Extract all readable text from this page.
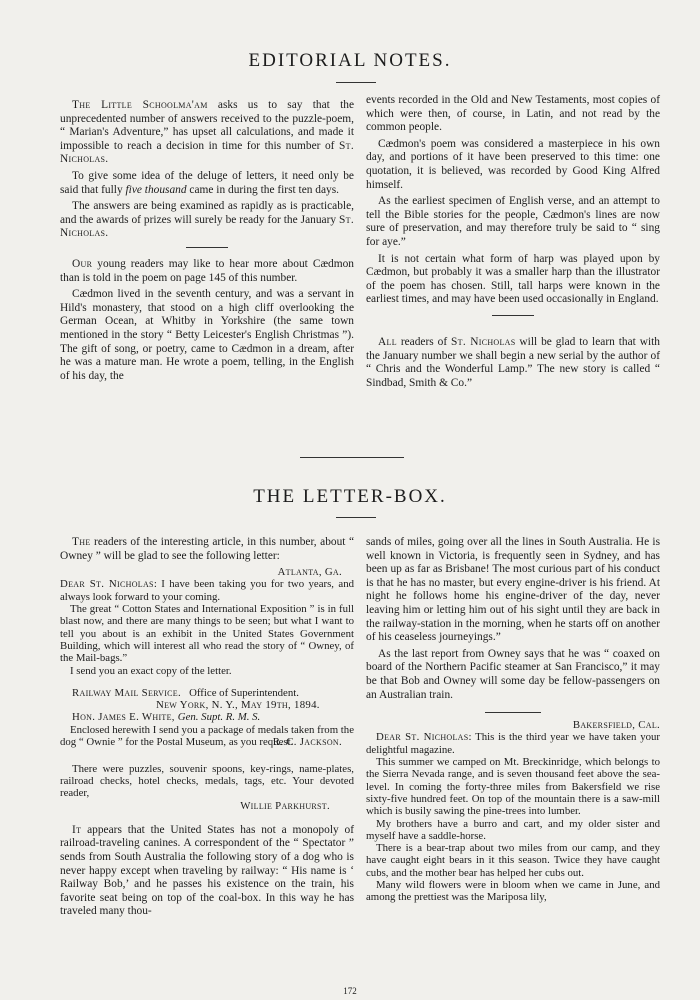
EDITORIAL NOTES.

The Little Schoolma'am asks us to say that the unprecedented number of answers received to the puzzle-poem, “ Marian's Adventure,” has upset all calculations, and made it impossible to reach a decision in time for this number of St. Nicholas.

To give some idea of the deluge of letters, it need only be said that fully five thousand came in during the first ten days.

The answers are being examined as rapidly as is practicable, and the awards of prizes will surely be ready for the January St. Nicholas.

Our young readers may like to hear more about Cædmon than is told in the poem on page 145 of this number.

Cædmon lived in the seventh century, and was a servant in Hild's monastery, that stood on a high cliff overlooking the German Ocean, at Whitby in Yorkshire (the same town mentioned in the story “ Betty Leicester's English Christmas ”). The gift of song, or poetry, came to Cædmon in a dream, after he was a mature man. He wrote a poem, telling, in the English of his day, the

events recorded in the Old and New Testaments, most copies of which were then, of course, in Latin, and not read by the common people.

Cædmon's poem was considered a masterpiece in his own day, and portions of it have been preserved to this time: one quotation, it is believed, was recorded by Good King Alfred himself.

As the earliest specimen of English verse, and an attempt to tell the Bible stories for the people, Cædmon's lines are now sure of preservation, and may therefore truly be said to “ sing for aye.”

It is not certain what form of harp was played upon by Cædmon, but probably it was a smaller harp than the illustrator of the poem has chosen. Still, tall harps were known in the earliest times, and may have been used occasionally in England.

All readers of St. Nicholas will be glad to learn that with the January number we shall begin a new serial by the author of “ Chris and the Wonderful Lamp.” The new story is called “ Sindbad, Smith & Co.”

THE LETTER-BOX.

The readers of the interesting article, in this number, about “ Owney ” will be glad to see the following letter:

Atlanta, Ga.

Dear St. Nicholas: I have been taking you for two years, and always look forward to your coming.

The great “ Cotton States and International Exposition ” is in full blast now, and there are many things to be seen; but what I want to tell you about is an exhibit in the United States Government Building, which will interest all who read the story of “ Owney, of the Mail-bags.”

I send you an exact copy of the letter.

Railway Mail Service. Office of Superintendent.

New York, N. Y., May 19th, 1894.

Hon. James E. White, Gen. Supt. R. M. S.

Enclosed herewith I send you a package of medals taken from the dog “ Ownie ” for the Postal Museum, as you request.

R. C. Jackson.

There were puzzles, souvenir spoons, key-rings, name-plates, railroad checks, hotel checks, medals, tags, etc. Your devoted reader,

Willie Parkhurst.

It appears that the United States has not a monopoly of railroad-traveling canines. A correspondent of the “ Spectator ” sends from South Australia the following story of a dog who is never happy except when traveling by railway: “ His name is ‘ Railway Bob,’ and he passes his existence on the train, his favorite seat being on top of the coal-box. In this way he has traveled many thou-

sands of miles, going over all the lines in South Australia. He is well known in Victoria, is frequently seen in Sydney, and has been up as far as Brisbane! The most curious part of his conduct is that he has no master, but every engine-driver is his friend. At night he follows home his engine-driver of the day, never leaving him or letting him out of his sight until they are back in the railway-station in the morning, when he starts off on another of his ceaseless journeyings.”

As the last report from Owney says that he was “ coaxed on board of the Northern Pacific steamer at San Francisco,” it may be that Bob and Owney will some day be fellow-passengers on an Australian train.

Bakersfield, Cal.

Dear St. Nicholas: This is the third year we have taken your delightful magazine.

This summer we camped on Mt. Breckinridge, which belongs to the Sierra Nevada range, and is seven thousand feet above the sea-level. In coming the forty-three miles from Bakersfield we rise sixty-five hundred feet. On top of the mountain there is a saw-mill which is busily sawing the pine-trees into lumber.

My brothers have a burro and cart, and my older sister and myself have a saddle-horse.

There is a bear-trap about two miles from our camp, and they have caught eight bears in it this season. Twice they have caught cubs, and the mother bear has helped her cubs out.

Many wild flowers were in bloom when we came in June, and among the prettiest was the Mariposa lily,

172
